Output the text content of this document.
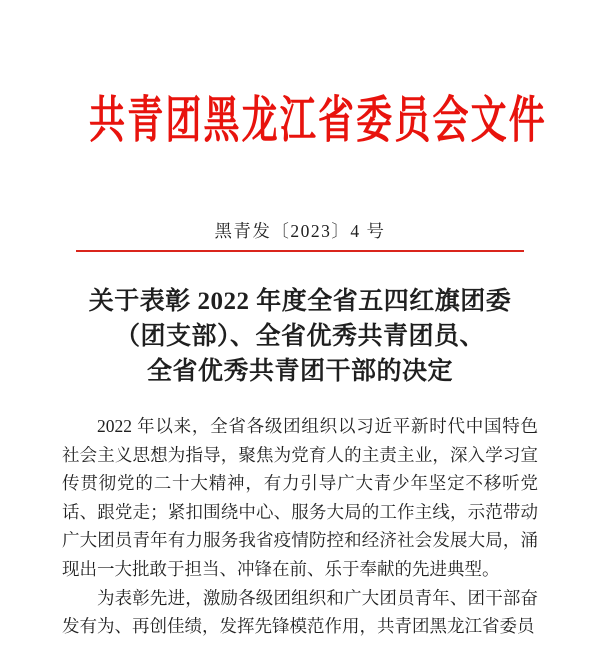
共青团黑龙江省委员会文件
黑青发〔2023〕4 号
关于表彰 2022 年度全省五四红旗团委
（团支部）、全省优秀共青团员、
全省优秀共青团干部的决定

2022 年以来，全省各级团组织以习近平新时代中国特色社会主义思想为指导，聚焦为党育人的主责主业，深入学习宣传贯彻党的二十大精神，有力引导广大青少年坚定不移听党话、跟党走；紧扣围绕中心、服务大局的工作主线，示范带动广大团员青年有力服务我省疫情防控和经济社会发展大局，涌现出一大批敢于担当、冲锋在前、乐于奉献的先进典型。

为表彰先进，激励各级团组织和广大团员青年、团干部奋发有为、再创佳绩，发挥先锋模范作用，共青团黑龙江省委员
